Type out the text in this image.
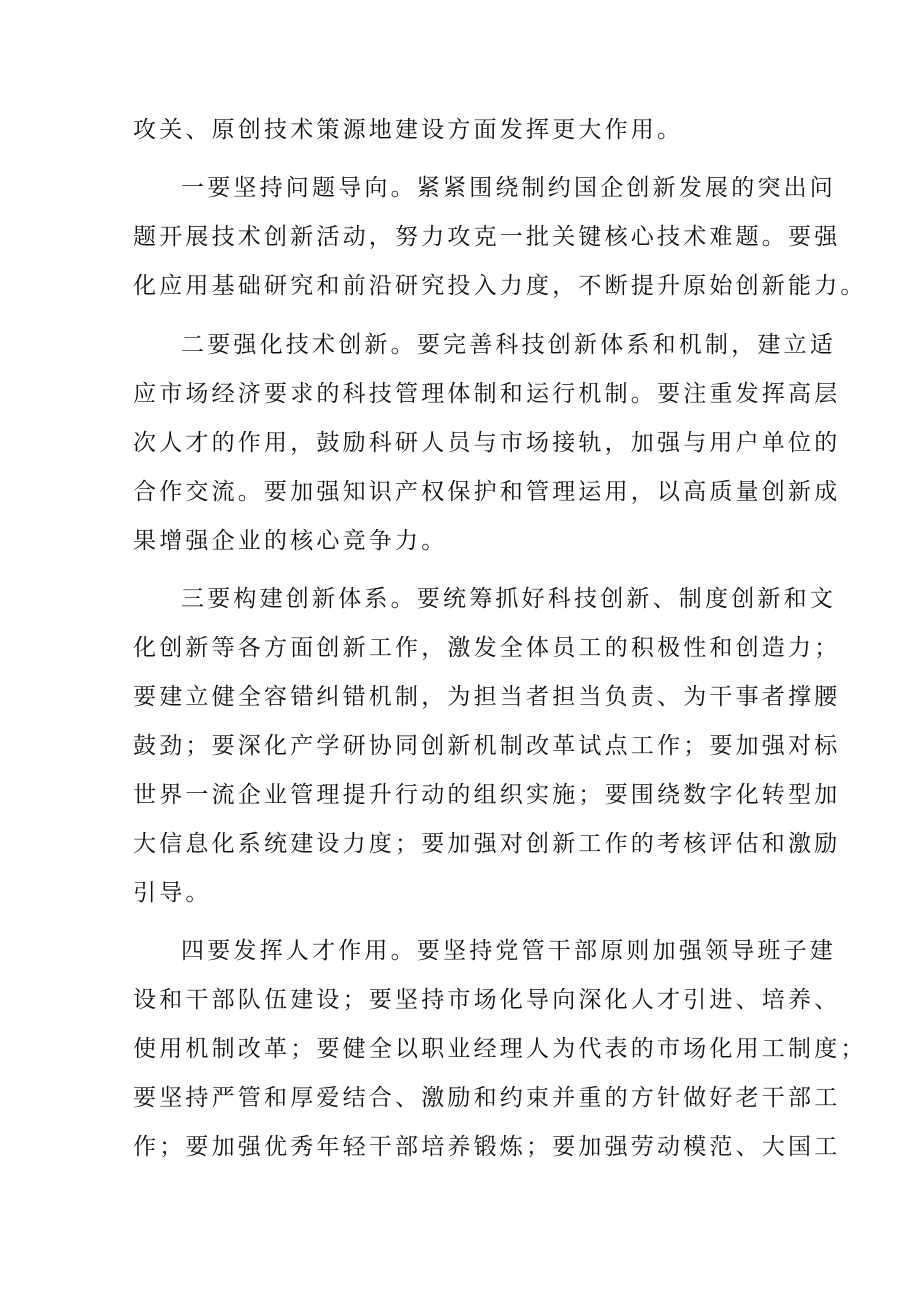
攻关、原创技术策源地建设方面发挥更大作用。
一要坚持问题导向。紧紧围绕制约国企创新发展的突出问
题开展技术创新活动，努力攻克一批关键核心技术难题。要强
化应用基础研究和前沿研究投入力度，不断提升原始创新能力。
二要强化技术创新。要完善科技创新体系和机制，建立适
应市场经济要求的科技管理体制和运行机制。要注重发挥高层
次人才的作用，鼓励科研人员与市场接轨，加强与用户单位的
合作交流。要加强知识产权保护和管理运用，以高质量创新成
果增强企业的核心竞争力。
三要构建创新体系。要统筹抓好科技创新、制度创新和文
化创新等各方面创新工作，激发全体员工的积极性和创造力；
要建立健全容错纠错机制，为担当者担当负责、为干事者撑腰
鼓劲；要深化产学研协同创新机制改革试点工作；要加强对标
世界一流企业管理提升行动的组织实施；要围绕数字化转型加
大信息化系统建设力度；要加强对创新工作的考核评估和激励
引导。
四要发挥人才作用。要坚持党管干部原则加强领导班子建
设和干部队伍建设；要坚持市场化导向深化人才引进、培养、
使用机制改革；要健全以职业经理人为代表的市场化用工制度；
要坚持严管和厚爱结合、激励和约束并重的方针做好老干部工
作；要加强优秀年轻干部培养锻炼；要加强劳动模范、大国工
